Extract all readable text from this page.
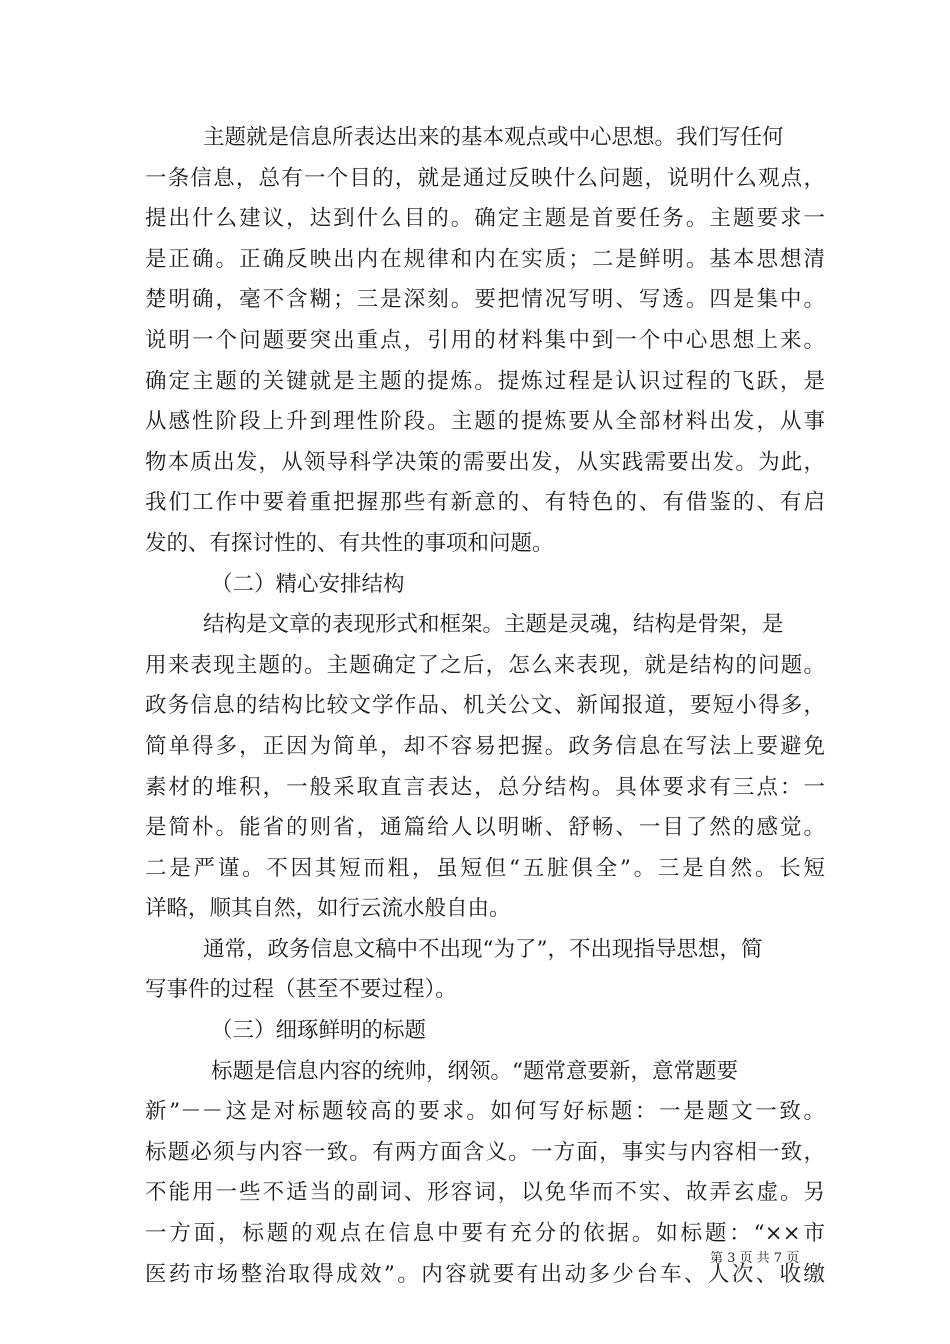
主题就是信息所表达出来的基本观点或中心思想。我们写任何
一条信息，总有一个目的，就是通过反映什么问题，说明什么观点，
提出什么建议，达到什么目的。确定主题是首要任务。主题要求一
是正确。正确反映出内在规律和内在实质；二是鲜明。基本思想清
楚明确，毫不含糊；三是深刻。要把情况写明、写透。四是集中。
说明一个问题要突出重点，引用的材料集中到一个中心思想上来。
确定主题的关键就是主题的提炼。提炼过程是认识过程的飞跃，是
从感性阶段上升到理性阶段。主题的提炼要从全部材料出发，从事
物本质出发，从领导科学决策的需要出发，从实践需要出发。为此，
我们工作中要着重把握那些有新意的、有特色的、有借鉴的、有启
发的、有探讨性的、有共性的事项和问题。
（二）精心安排结构
结构是文章的表现形式和框架。主题是灵魂，结构是骨架，是
用来表现主题的。主题确定了之后，怎么来表现，就是结构的问题。
政务信息的结构比较文学作品、机关公文、新闻报道，要短小得多，
简单得多，正因为简单，却不容易把握。政务信息在写法上要避免
素材的堆积，一般采取直言表达，总分结构。具体要求有三点：一
是简朴。能省的则省，通篇给人以明晰、舒畅、一目了然的感觉。
二是严谨。不因其短而粗，虽短但“五脏俱全”。三是自然。长短
详略，顺其自然，如行云流水般自由。
通常，政务信息文稿中不出现“为了”，不出现指导思想，简
写事件的过程（甚至不要过程）。
（三）细琢鲜明的标题
标题是信息内容的统帅，纲领。“题常意要新，意常题要
新”－－这是对标题较高的要求。如何写好标题：一是题文一致。
标题必须与内容一致。有两方面含义。一方面，事实与内容相一致，
不能用一些不适当的副词、形容词，以免华而不实、故弄玄虚。另
一方面，标题的观点在信息中要有充分的依据。如标题：“××市
医药市场整治取得成效”。内容就要有出动多少台车、人次、收缴
第 3 页 共 7 页
